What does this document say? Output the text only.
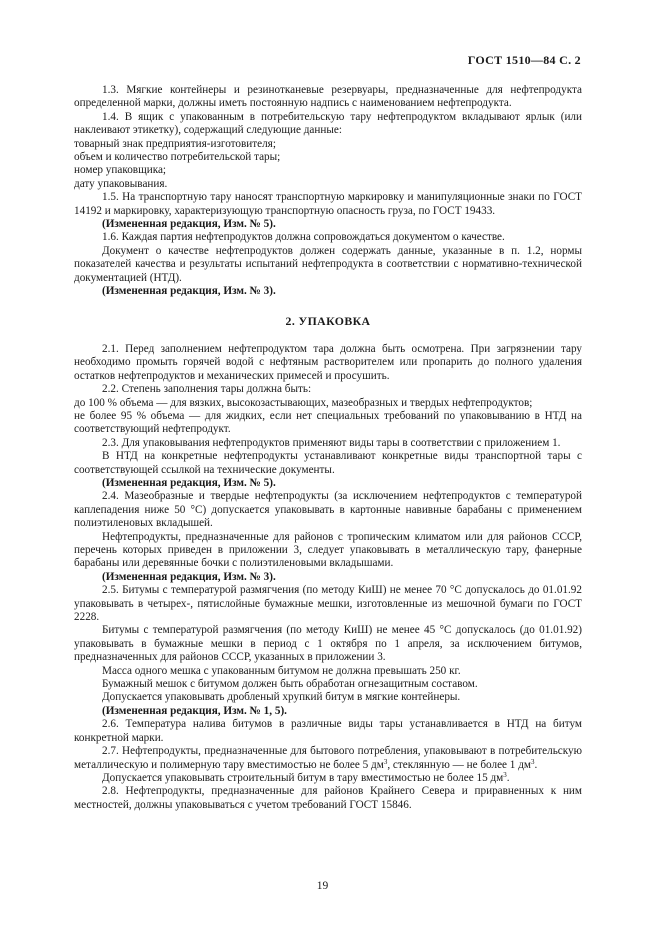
ГОСТ 1510—84 С. 2

1.3. Мягкие контейнеры и резинотканевые резервуары, предназначенные для нефтепродукта определенной марки, должны иметь постоянную надпись с наименованием нефтепродукта.

1.4. В ящик с упакованным в потребительскую тару нефтепродуктом вкладывают ярлык (или наклеивают этикетку), содержащий следующие данные:

товарный знак предприятия-изготовителя;

объем и количество потребительской тары;

номер упаковщика;

дату упаковывания.

1.5. На транспортную тару наносят транспортную маркировку и манипуляционные знаки по ГОСТ 14192 и маркировку, характеризующую транспортную опасность груза, по ГОСТ 19433.

(Измененная редакция, Изм. № 5).

1.6. Каждая партия нефтепродуктов должна сопровождаться документом о качестве.

Документ о качестве нефтепродуктов должен содержать данные, указанные в п. 1.2, нормы показателей качества и результаты испытаний нефтепродукта в соответствии с нормативно-технической документацией (НТД).

(Измененная редакция, Изм. № 3).

2. УПАКОВКА

2.1. Перед заполнением нефтепродуктом тара должна быть осмотрена. При загрязнении тару необходимо промыть горячей водой с нефтяным растворителем или пропарить до полного удаления остатков нефтепродуктов и механических примесей и просушить.

2.2. Степень заполнения тары должна быть:

до 100 % объема — для вязких, высокозастывающих, мазеобразных и твердых нефтепродуктов;

не более 95 % объема — для жидких, если нет специальных требований по упаковыванию в НТД на соответствующий нефтепродукт.

2.3. Для упаковывания нефтепродуктов применяют виды тары в соответствии с приложением 1.

В НТД на конкретные нефтепродукты устанавливают конкретные виды транспортной тары с соответствующей ссылкой на технические документы.

(Измененная редакция, Изм. № 5).

2.4. Мазеобразные и твердые нефтепродукты (за исключением нефтепродуктов с температурой каплепадения ниже 50 °С) допускается упаковывать в картонные навивные барабаны с применением полиэтиленовых вкладышей.

Нефтепродукты, предназначенные для районов с тропическим климатом или для районов СССР, перечень которых приведен в приложении 3, следует упаковывать в металлическую тару, фанерные барабаны или деревянные бочки с полиэтиленовыми вкладышами.

(Измененная редакция, Изм. № 3).

2.5. Битумы с температурой размягчения (по методу КиШ) не менее 70 °С допускалось до 01.01.92 упаковывать в четырех-, пятислойные бумажные мешки, изготовленные из мешочной бумаги по ГОСТ 2228.

Битумы с температурой размягчения (по методу КиШ) не менее 45 °С допускалось (до 01.01.92) упаковывать в бумажные мешки в период с 1 октября по 1 апреля, за исключением битумов, предназначенных для районов СССР, указанных в приложении 3.

Масса одного мешка с упакованным битумом не должна превышать 250 кг.

Бумажный мешок с битумом должен быть обработан огнезащитным составом.

Допускается упаковывать дробленый хрупкий битум в мягкие контейнеры.

(Измененная редакция, Изм. № 1, 5).

2.6. Температура налива битумов в различные виды тары устанавливается в НТД на битум конкретной марки.

2.7. Нефтепродукты, предназначенные для бытового потребления, упаковывают в потребительскую металлическую и полимерную тару вместимостью не более 5 $дм^3$, стеклянную — не более 1 $дм^3$.

Допускается упаковывать строительный битум в тару вместимостью не более 15 $дм^3$.

2.8. Нефтепродукты, предназначенные для районов Крайнего Севера и приравненных к ним местностей, должны упаковываться с учетом требований ГОСТ 15846.

19
